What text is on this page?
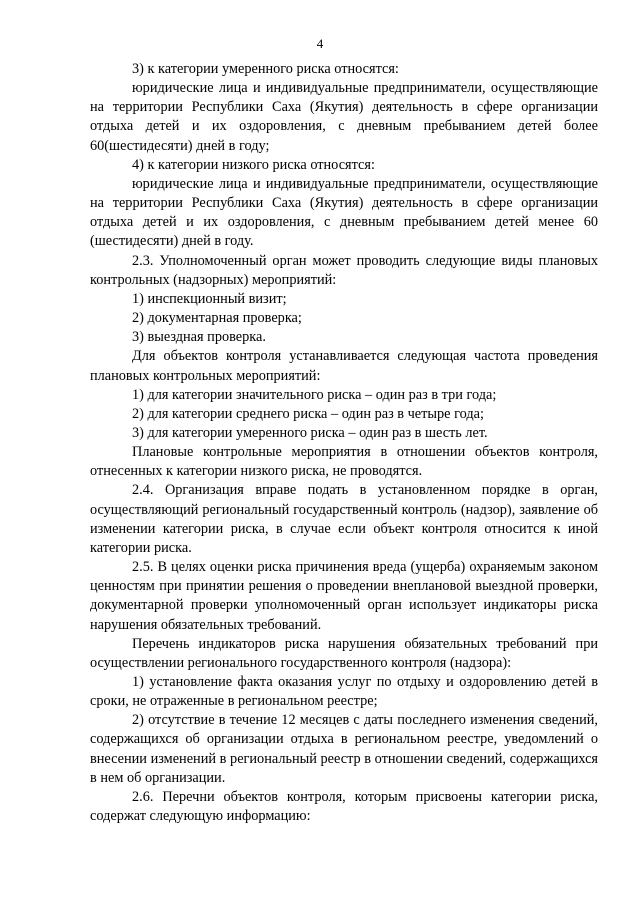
4

3) к категории умеренного риска относятся:

юридические лица и индивидуальные предприниматели, осуществляющие на территории Республики Саха (Якутия) деятельность в сфере организации отдыха детей и их оздоровления, с дневным пребыванием детей более 60(шестидесяти) дней в году;

4) к категории низкого риска относятся:

юридические лица и индивидуальные предприниматели, осуществляющие на территории Республики Саха (Якутия) деятельность в сфере организации отдыха детей и их оздоровления, с дневным пребыванием детей менее 60 (шестидесяти) дней в году.

2.3. Уполномоченный орган может проводить следующие виды плановых контрольных (надзорных) мероприятий:

1) инспекционный визит;

2) документарная проверка;

3) выездная проверка.

Для объектов контроля устанавливается следующая частота проведения плановых контрольных мероприятий:

1) для категории значительного риска – один раз в три года;

2) для категории среднего риска – один раз в четыре года;

3) для категории умеренного риска – один раз в шесть лет.

Плановые контрольные мероприятия в отношении объектов контроля, отнесенных к категории низкого риска, не проводятся.

2.4. Организация вправе подать в установленном порядке в орган, осуществляющий региональный государственный контроль (надзор), заявление об изменении категории риска, в случае если объект контроля относится к иной категории риска.

2.5. В целях оценки риска причинения вреда (ущерба) охраняемым законом ценностям при принятии решения о проведении внеплановой выездной проверки, документарной проверки уполномоченный орган использует индикаторы риска нарушения обязательных требований.

Перечень индикаторов риска нарушения обязательных требований при осуществлении регионального государственного контроля (надзора):

1) установление факта оказания услуг по отдыху и оздоровлению детей в сроки, не отраженные в региональном реестре;

2) отсутствие в течение 12 месяцев с даты последнего изменения сведений, содержащихся об организации отдыха в региональном реестре, уведомлений о внесении изменений в региональный реестр в отношении сведений, содержащихся в нем об организации.

2.6. Перечни объектов контроля, которым присвоены категории риска, содержат следующую информацию:
